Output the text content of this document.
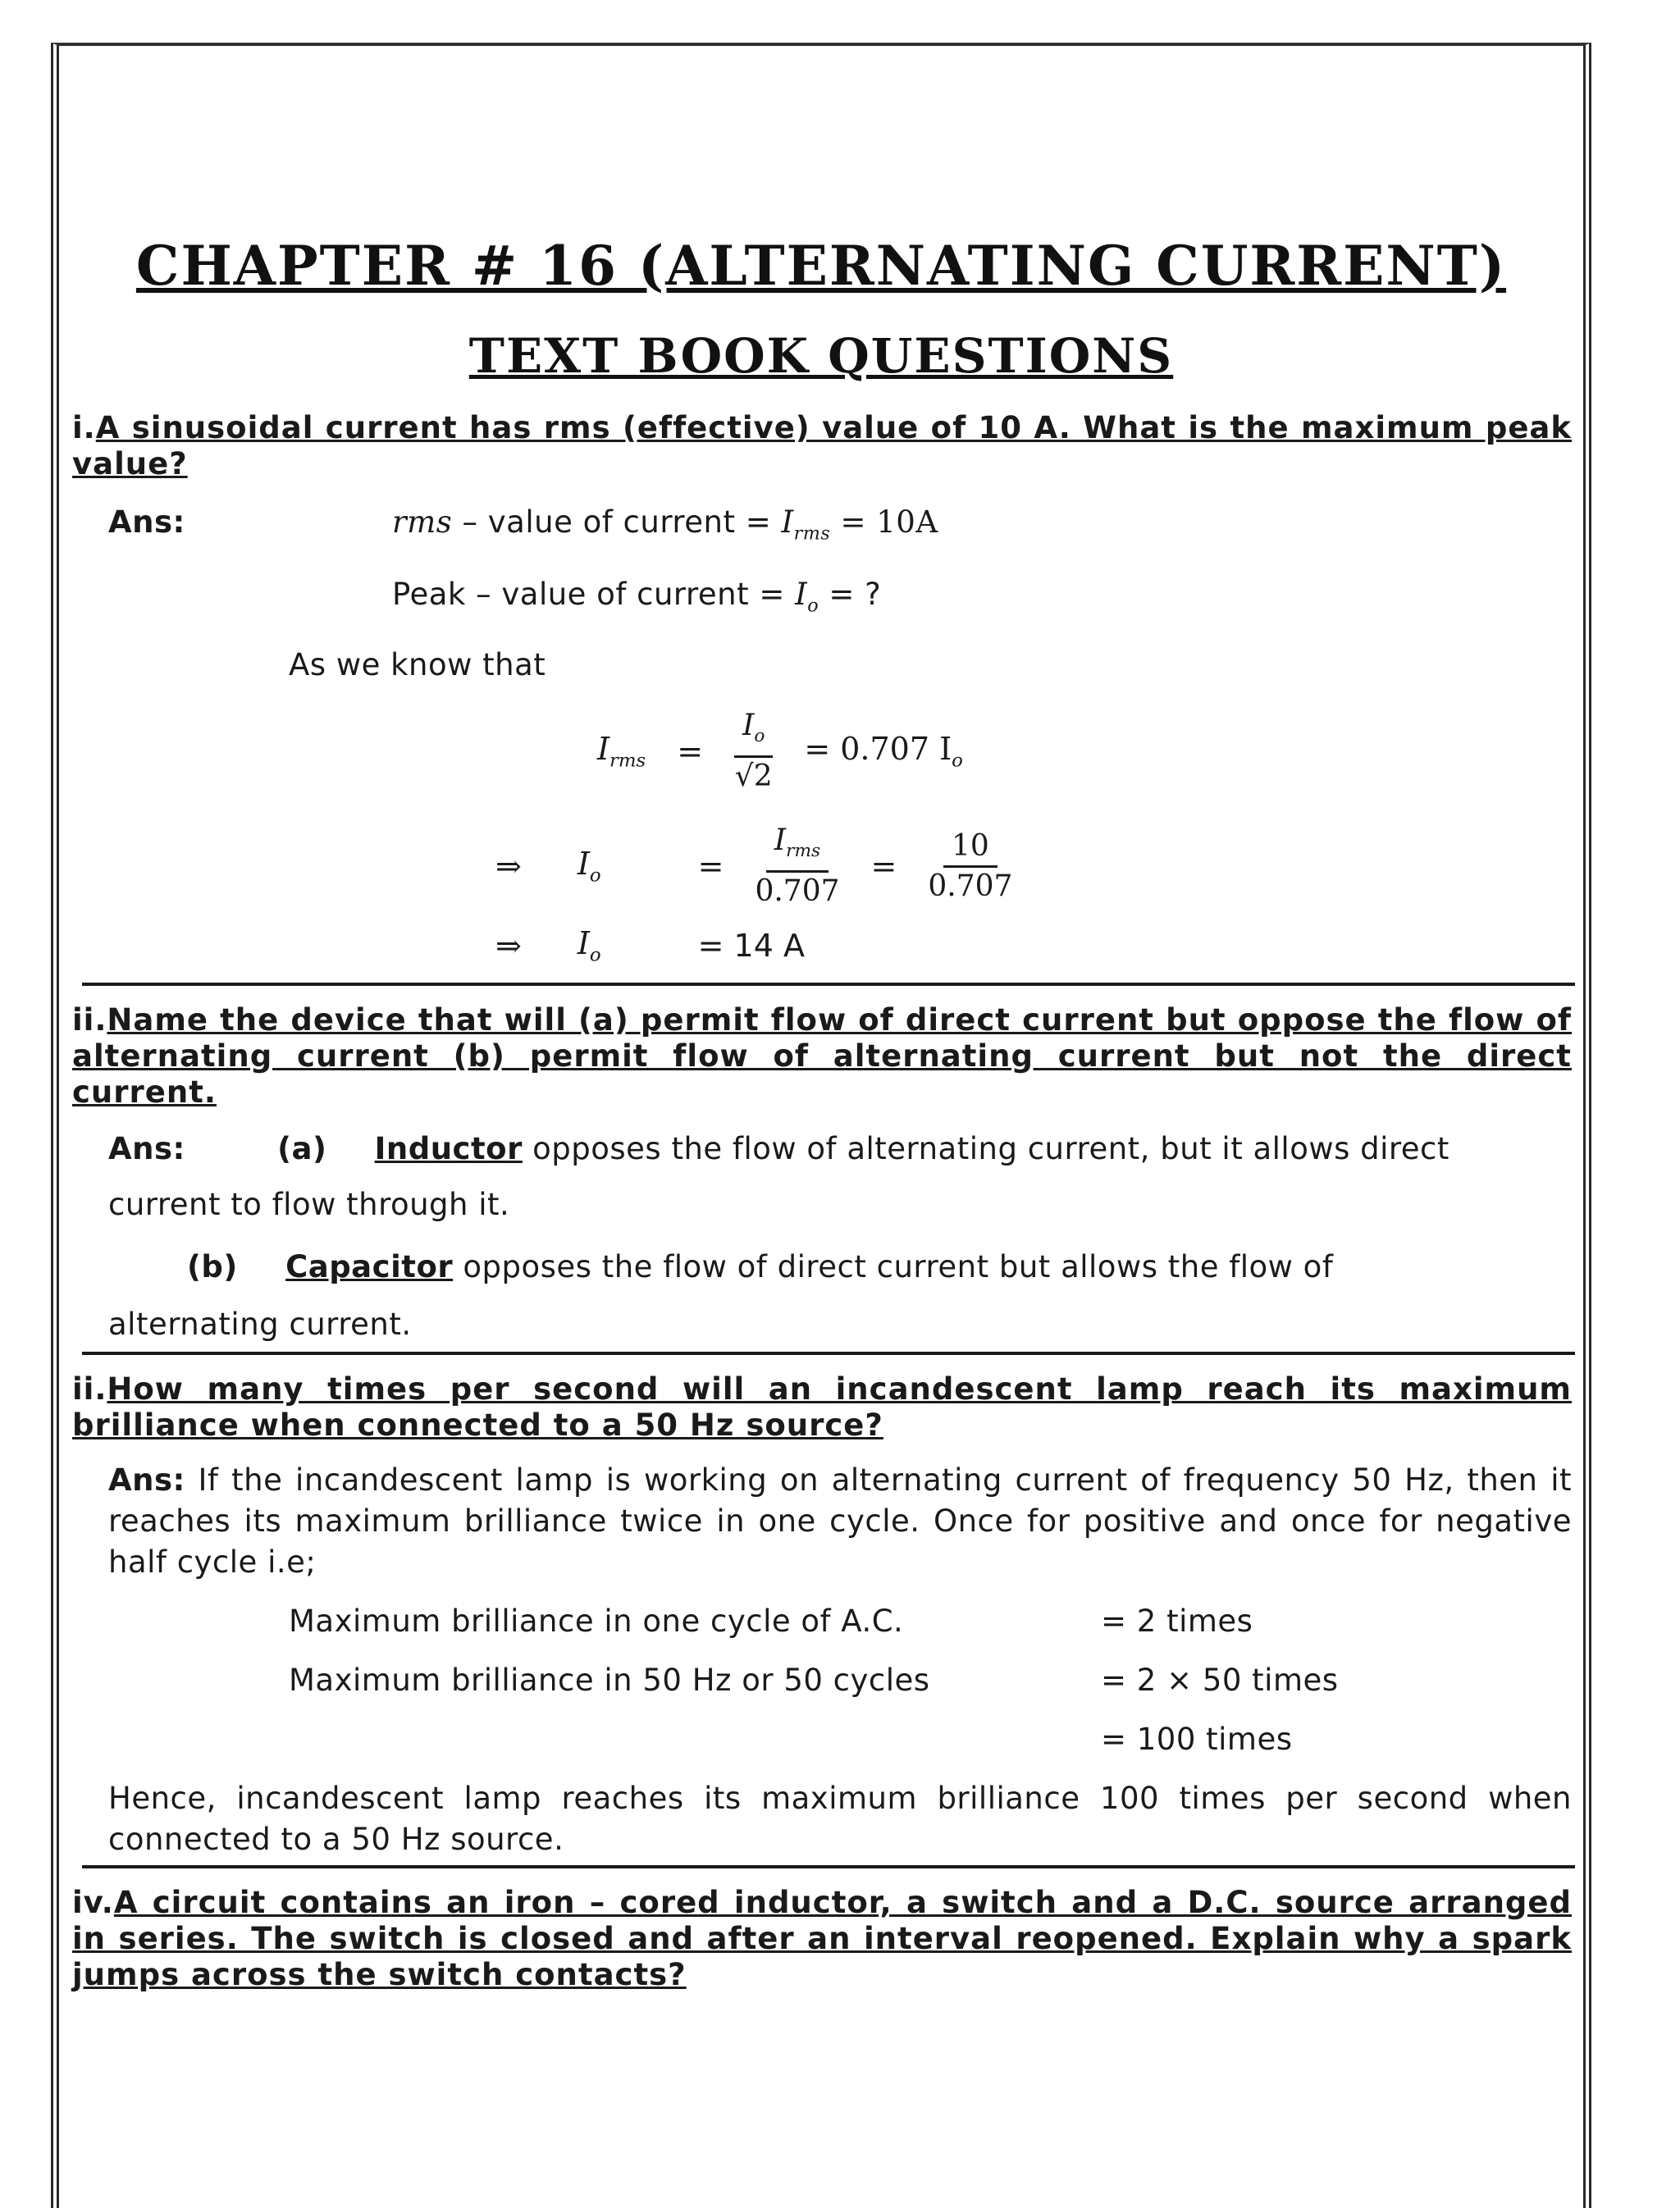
CHAPTER # 16 (ALTERNATING CURRENT)
TEXT BOOK QUESTIONS
i.A sinusoidal current has rms (effective) value of 10 A. What is the maximum peak value?
Ans:	rms – value of current = $I_{rms} = 10A$
Peak – value of current = $I_o$ = ?
As we know that
$I_{rms} = \frac{I_o}{√2} = 0.707$ $I_o$
⇒ $I_o$	= $\frac{I_{rms}}{0.707} = \frac{10}{0.707}$
⇒ $I_o$	= 14 A
ii.Name the device that will (a) permit flow of direct current but oppose the flow of alternating current (b) permit flow of alternating current but not the direct current.
Ans:	(a) Inductor opposes the flow of alternating current, but it allows direct
current to flow through it.
(b) Capacitor opposes the flow of direct current but allows the flow of
alternating current.
ii.How many times per second will an incandescent lamp reach its maximum brilliance when connected to a 50 Hz source?
Ans: If the incandescent lamp is working on alternating current of frequency 50 Hz, then it reaches its maximum brilliance twice in one cycle. Once for positive and once for negative half cycle i.e;
Maximum brilliance in one cycle of A.C.	= 2 times
Maximum brilliance in 50 Hz or 50 cycles	= 2 × 50 times
= 100 times
Hence, incandescent lamp reaches its maximum brilliance 100 times per second when connected to a 50 Hz source.
iv.A circuit contains an iron – cored inductor, a switch and a D.C. source arranged in series. The switch is closed and after an interval reopened. Explain why a spark jumps across the switch contacts?
